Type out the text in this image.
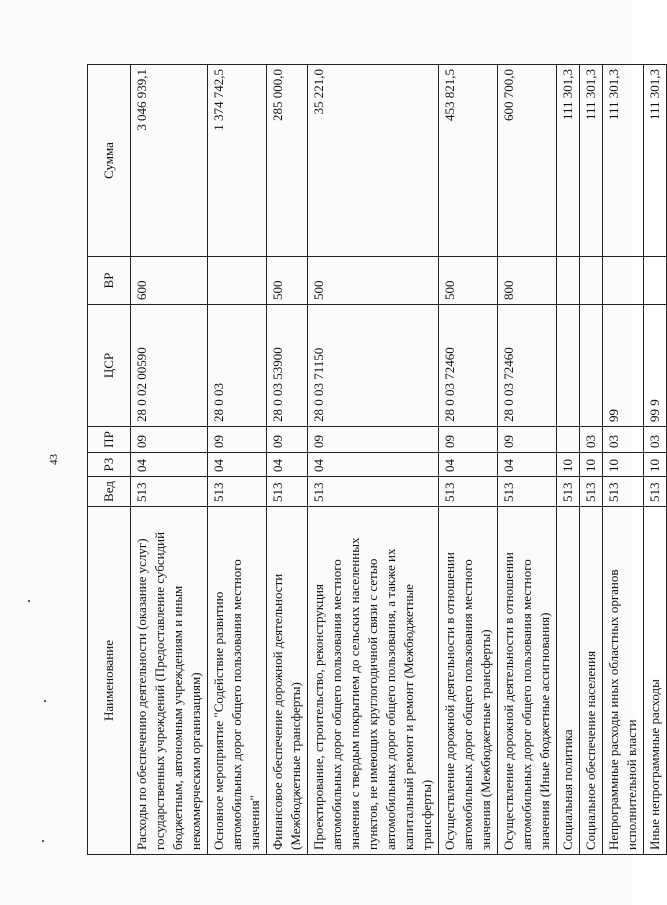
43
Наименование	Вед	РЗ	ПР	ЦСР	ВР	Сумма
Расходы по обеспечению деятельности (оказание услуг) государственных учреждений (Предоставление субсидий бюджетным, автономным учреждениям и иным некоммерческим организациям)	513	04	09	28 0 02 00590	600	3 046 939,1
Основное мероприятие "Содействие развитию автомобильных дорог общего пользования местного значения"	513	04	09	28 0 03		1 374 742,5
Финансовое обеспечение дорожной деятельности (Межбюджетные трансферты)	513	04	09	28 0 03 53900	500	285 000,0
Проектирование, строительство, реконструкция автомобильных дорог общего пользования местного значения с твердым покрытием до сельских населенных пунктов, не имеющих круглогодичной связи с сетью автомобильных дорог общего пользования, а также их капитальный ремонт и ремонт (Межбюджетные трансферты)	513	04	09	28 0 03 71150	500	35 221,0
Осуществление дорожной деятельности в отношении автомобильных дорог общего пользования местного значения (Межбюджетные трансферты)	513	04	09	28 0 03 72460	500	453 821,5
Осуществление дорожной деятельности в отношении автомобильных дорог общего пользования местного значения (Иные бюджетные ассигнования)	513	04	09	28 0 03 72460	800	600 700,0
Социальная политика	513	10				111 301,3
Социальное обеспечение населения	513	10	03			111 301,3
Непрограммные расходы иных областных органов исполнительной власти	513	10	03	99		111 301,3
Иные непрограммные расходы	513	10	03	99 9		111 301,3
